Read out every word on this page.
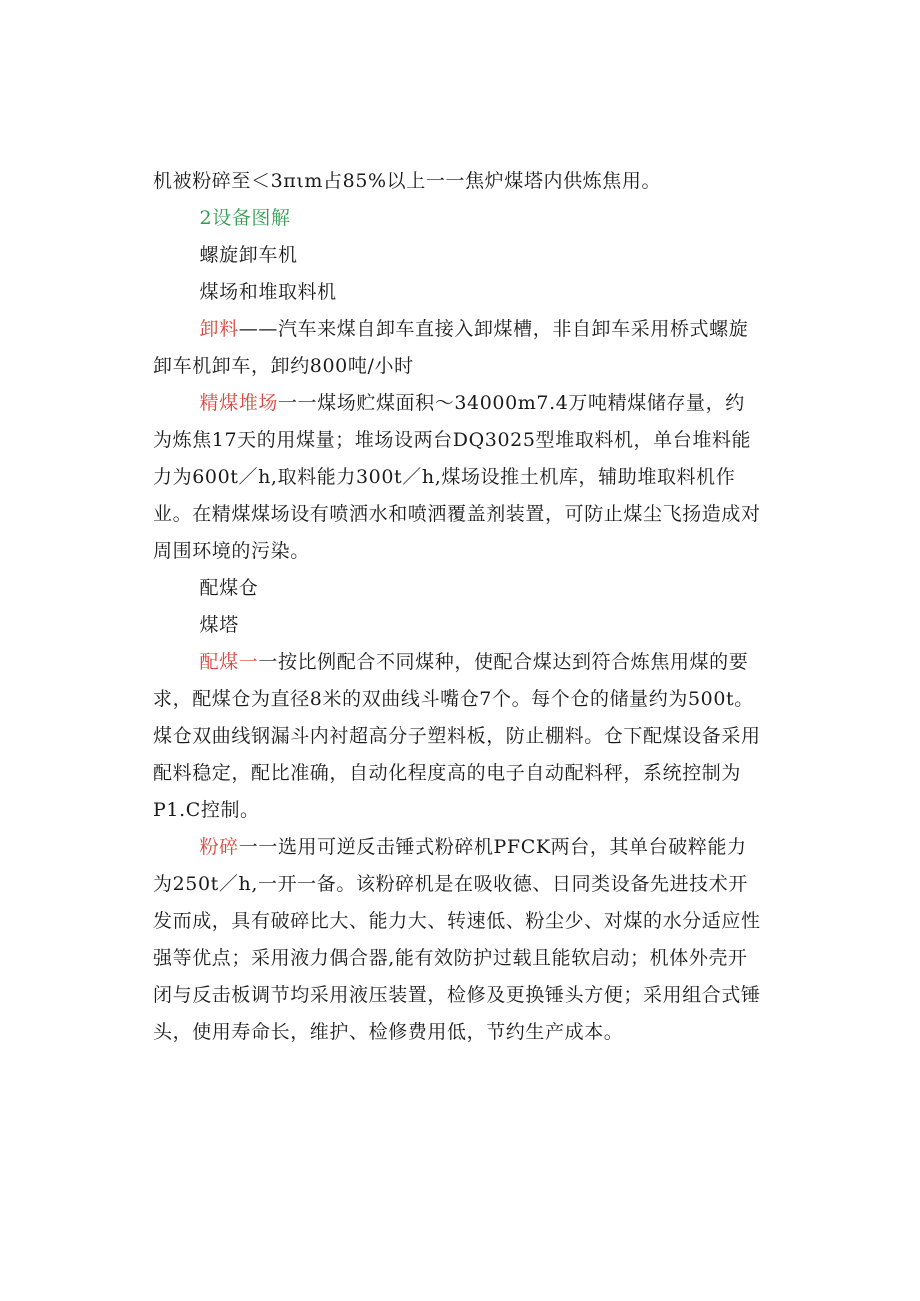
机被粉碎至＜3πιm占85%以上一一焦炉煤塔内供炼焦用。

2设备图解

螺旋卸车机

煤场和堆取料机

卸料——汽车来煤自卸车直接入卸煤槽，非自卸车采用桥式螺旋卸车机卸车，卸约800吨/小时

精煤堆场一一煤场贮煤面积～34000m7.4万吨精煤储存量，约为炼焦17天的用煤量；堆场设两台DQ3025型堆取料机，单台堆料能力为600t／h,取料能力300t／h,煤场设推土机库，辅助堆取料机作业。在精煤煤场设有喷洒水和喷洒覆盖剂装置，可防止煤尘飞扬造成对周围环境的污染。

配煤仓

煤塔

配煤一一按比例配合不同煤种，使配合煤达到符合炼焦用煤的要求，配煤仓为直径8米的双曲线斗嘴仓7个。每个仓的储量约为500t。煤仓双曲线钢漏斗内衬超高分子塑料板，防止棚料。仓下配煤设备采用配料稳定，配比准确，自动化程度高的电子自动配料秤，系统控制为P1.C控制。

粉碎一一选用可逆反击锤式粉碎机PFCK两台，其单台破粹能力为250t／h,一开一备。该粉碎机是在吸收德、日同类设备先进技术开发而成，具有破碎比大、能力大、转速低、粉尘少、对煤的水分适应性强等优点；采用液力偶合器,能有效防护过载且能软启动；机体外壳开闭与反击板调节均采用液压装置，检修及更换锤头方便；采用组合式锤头，使用寿命长，维护、检修费用低，节约生产成本。
